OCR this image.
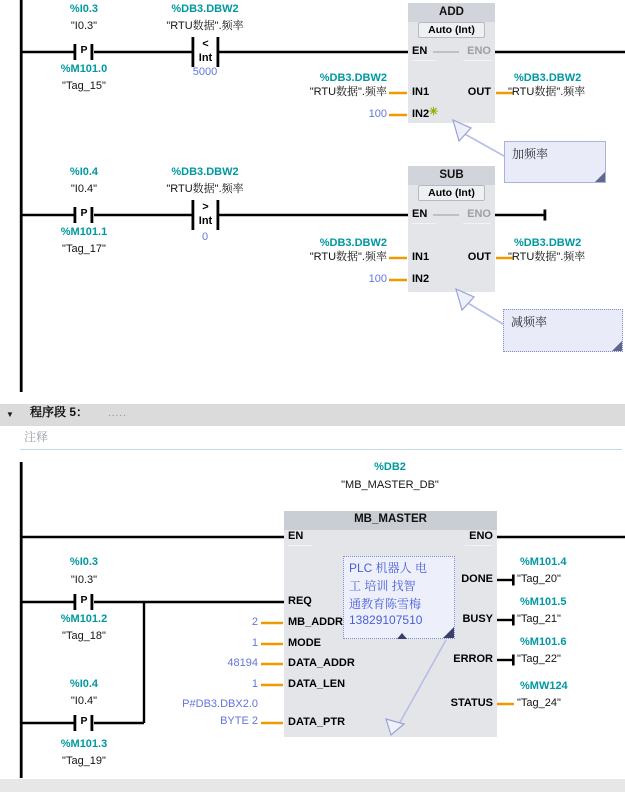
%I0.3
"I0.3"
P
%M101.0
"Tag_15"
%DB3.DBW2
"RTU数据".频率
<
Int
5000
ADD
Auto (Int)
EN	ENO
IN1
IN2 ✳
OUT
%DB3.DBW2
"RTU数据".频率
100
%DB3.DBW2
"RTU数据".频率
加频率
%I0.4
"I0.4"
P
%M101.1
"Tag_17"
%DB3.DBW2
"RTU数据".频率
>
Int
0
SUB
Auto (Int)
EN	ENO
IN1
IN2
OUT
%DB3.DBW2
"RTU数据".频率
100
%DB3.DBW2
"RTU数据".频率
减频率
▼ 程序段 5： .....
注释
%DB2
"MB_MASTER_DB"
MB_MASTER
EN	ENO
REQ
MB_ADDR
MODE
DATA_ADDR
DATA_LEN
DATA_PTR
DONE
BUSY
ERROR
STATUS
2
1
48194
1
P#DB3.DBX2.0
BYTE 2
%I0.3
"I0.3"
P
%M101.2
"Tag_18"
%I0.4
"I0.4"
P
%M101.3
"Tag_19"
%M101.4
"Tag_20"
%M101.5
"Tag_21"
%M101.6
"Tag_22"
%MW124
"Tag_24"
PLC 机器人 电
工 培训 找智
通教育陈雪梅
13829107510
